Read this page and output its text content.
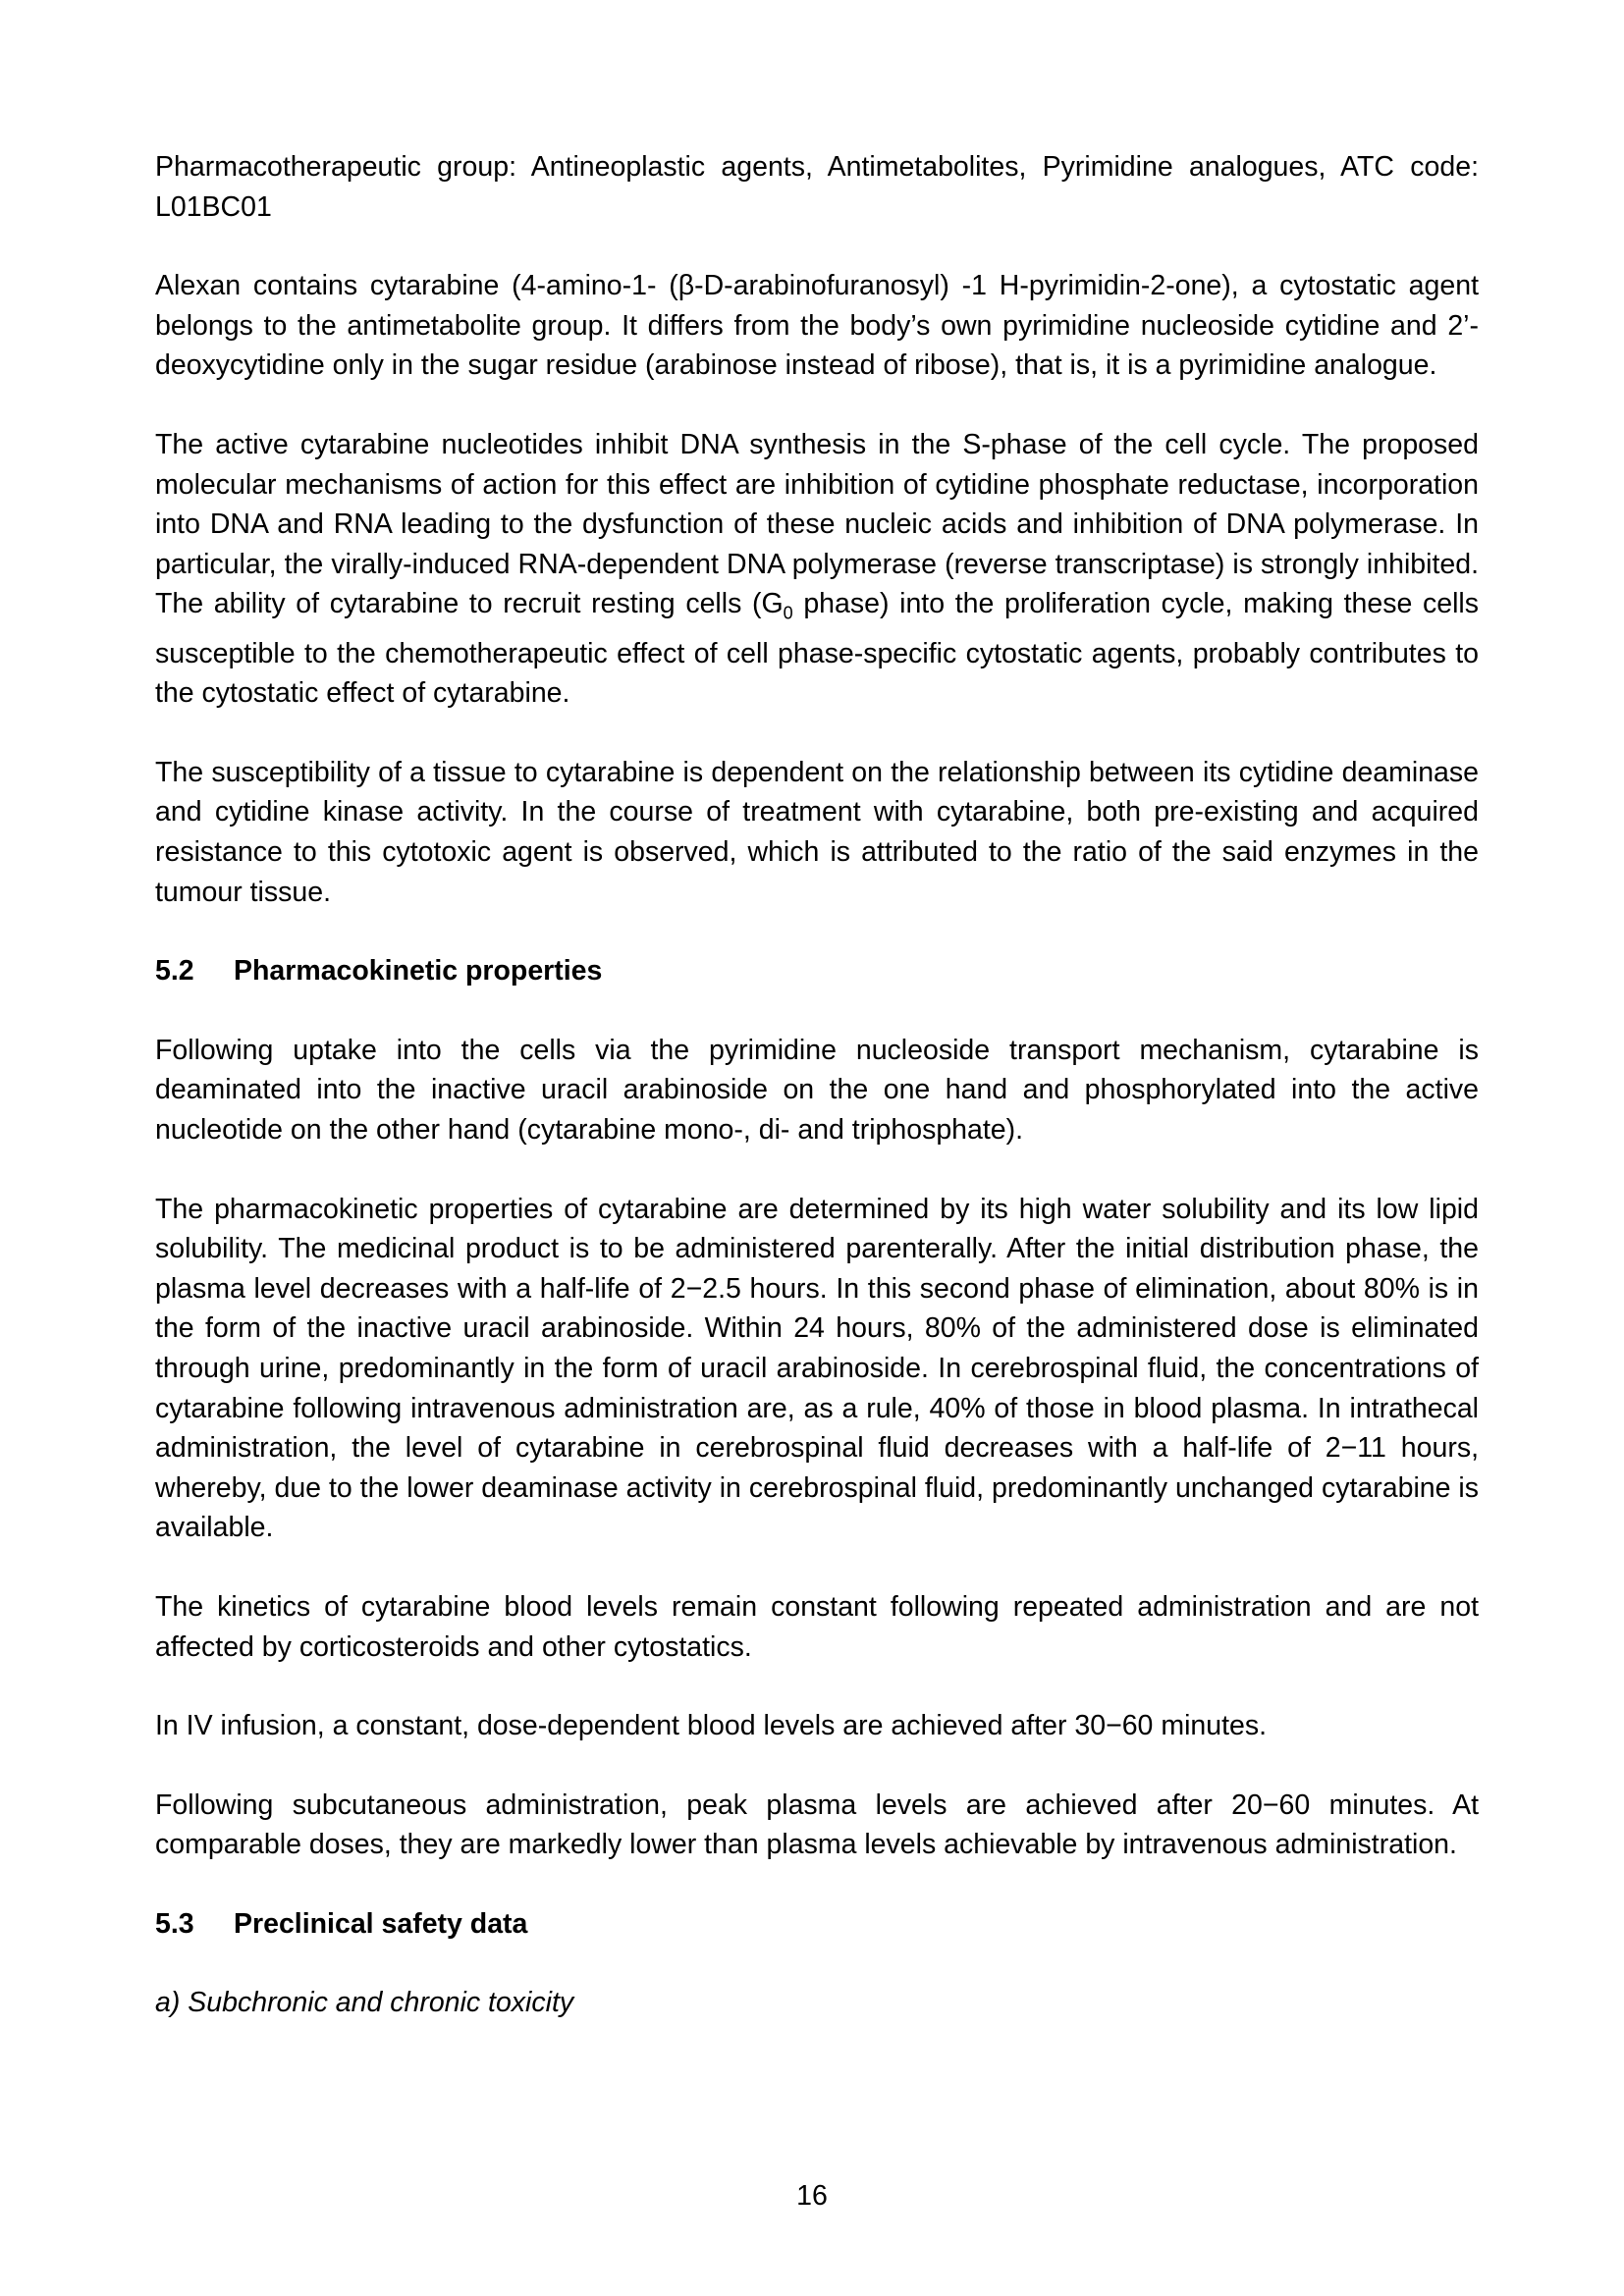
Pharmacotherapeutic group: Antineoplastic agents, Antimetabolites, Pyrimidine analogues, ATC code: L01BC01

Alexan contains cytarabine (4-amino-1- (β-D-arabinofuranosyl) -1 H-pyrimidin-2-one), a cytostatic agent belongs to the antimetabolite group. It differs from the body’s own pyrimidine nucleoside cytidine and 2’-deoxycytidine only in the sugar residue (arabinose instead of ribose), that is, it is a pyrimidine analogue.

The active cytarabine nucleotides inhibit DNA synthesis in the S-phase of the cell cycle. The proposed molecular mechanisms of action for this effect are inhibition of cytidine phosphate reductase, incorporation into DNA and RNA leading to the dysfunction of these nucleic acids and inhibition of DNA polymerase. In particular, the virally-induced RNA-dependent DNA polymerase (reverse transcriptase) is strongly inhibited. The ability of cytarabine to recruit resting cells ($G_0$ phase) into the proliferation cycle, making these cells susceptible to the chemotherapeutic effect of cell phase-specific cytostatic agents, probably contributes to the cytostatic effect of cytarabine.

The susceptibility of a tissue to cytarabine is dependent on the relationship between its cytidine deaminase and cytidine kinase activity. In the course of treatment with cytarabine, both pre-existing and acquired resistance to this cytotoxic agent is observed, which is attributed to the ratio of the said enzymes in the tumour tissue.

5.2	Pharmacokinetic properties

Following uptake into the cells via the pyrimidine nucleoside transport mechanism, cytarabine is deaminated into the inactive uracil arabinoside on the one hand and phosphorylated into the active nucleotide on the other hand (cytarabine mono-, di- and triphosphate).

The pharmacokinetic properties of cytarabine are determined by its high water solubility and its low lipid solubility. The medicinal product is to be administered parenterally. After the initial distribution phase, the plasma level decreases with a half-life of 2−2.5 hours. In this second phase of elimination, about 80% is in the form of the inactive uracil arabinoside. Within 24 hours, 80% of the administered dose is eliminated through urine, predominantly in the form of uracil arabinoside. In cerebrospinal fluid, the concentrations of cytarabine following intravenous administration are, as a rule, 40% of those in blood plasma. In intrathecal administration, the level of cytarabine in cerebrospinal fluid decreases with a half-life of 2−11 hours, whereby, due to the lower deaminase activity in cerebrospinal fluid, predominantly unchanged cytarabine is available.

The kinetics of cytarabine blood levels remain constant following repeated administration and are not affected by corticosteroids and other cytostatics.

In IV infusion, a constant, dose-dependent blood levels are achieved after 30−60 minutes.

Following subcutaneous administration, peak plasma levels are achieved after 20−60 minutes. At comparable doses, they are markedly lower than plasma levels achievable by intravenous administration.

5.3	Preclinical safety data

a) Subchronic and chronic toxicity

16
